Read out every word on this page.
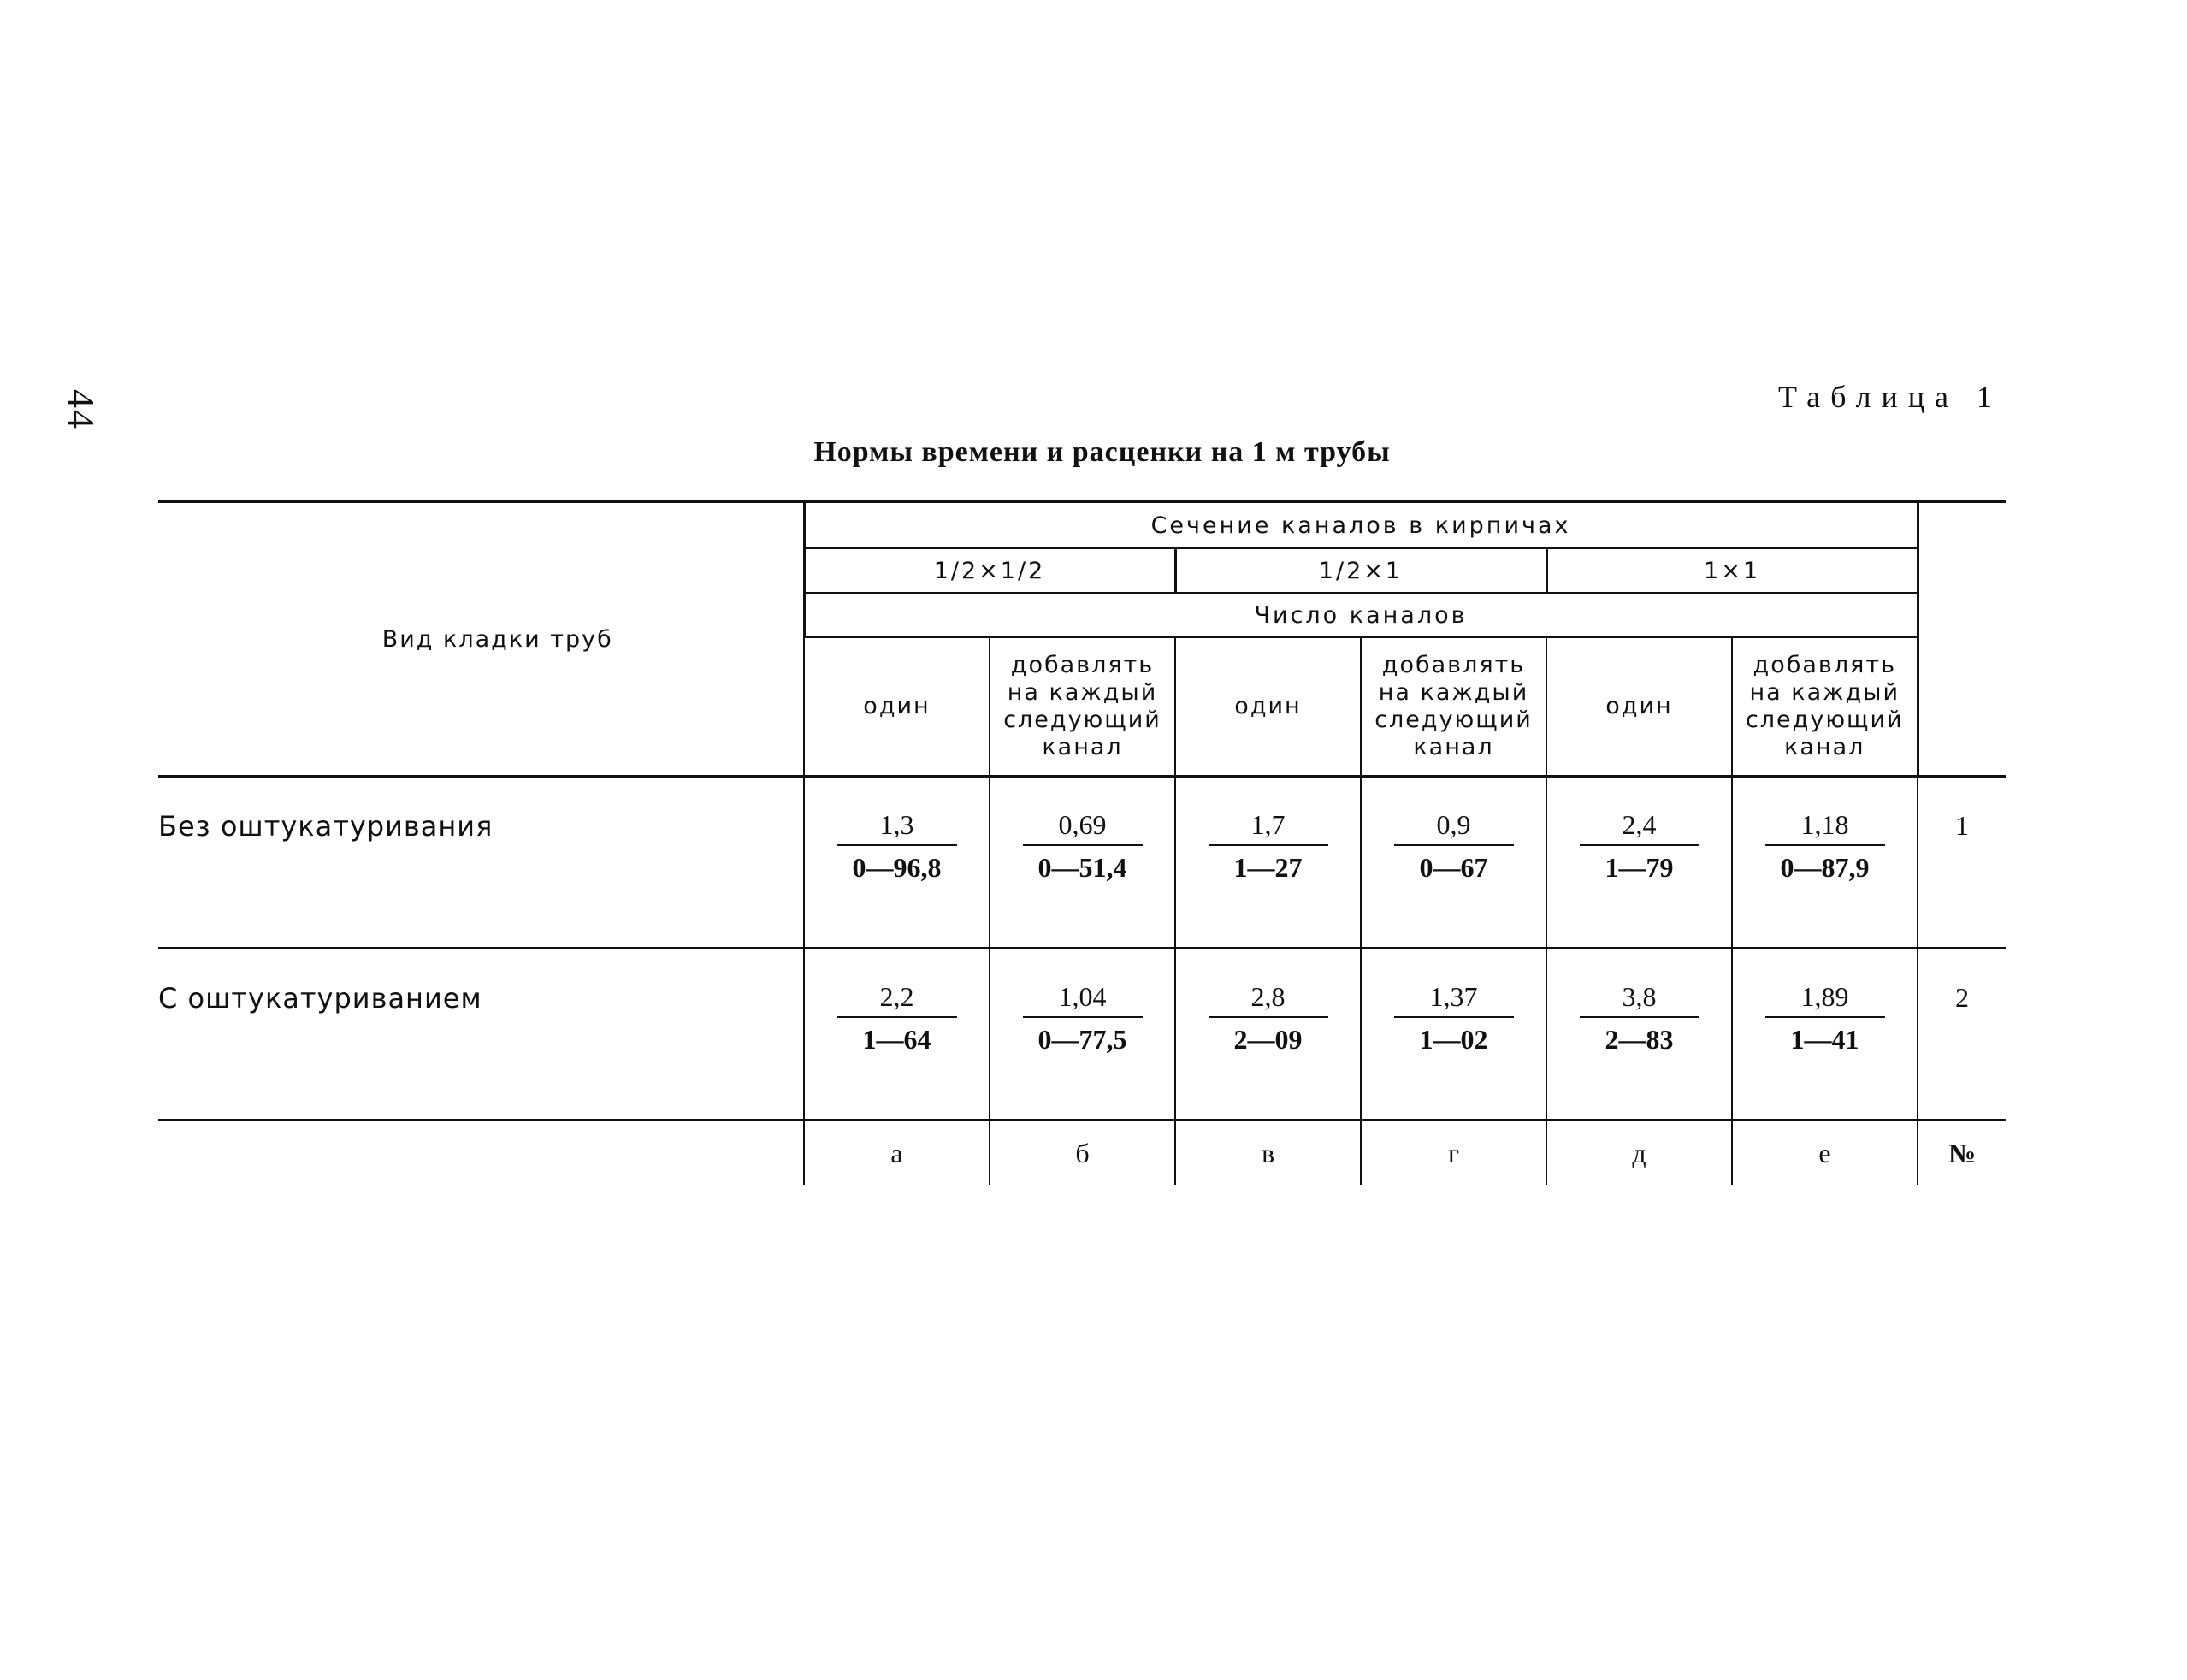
44	Таблица 1
Нормы времени и расценки на 1 м трубы
Вид кладки труб	Сечение каналов в кирпичах						
	1/2×1/2		1/2×1		1×1		
	Число каналов						
	один	добавлять на каждый следующий канал	один	добавлять на каждый следующий канал	один	добавлять на каждый следующий канал	
Без оштукатуривания	$\frac{1,3}{0—96,8}$	$\frac{0,69}{0—51,4}$	$\frac{1,7}{1—27}$	$\frac{0,9}{0—67}$	$\frac{2,4}{1—79}$	$\frac{1,18}{0—87,9}$	1
С оштукатуриванием	$\frac{2,2}{1—64}$	$\frac{1,04}{0—77,5}$	$\frac{2,8}{2—09}$	$\frac{1,37}{1—02}$	$\frac{3,8}{2—83}$	$\frac{1,89}{1—41}$	2
	а	б	в	г	д	е	№
